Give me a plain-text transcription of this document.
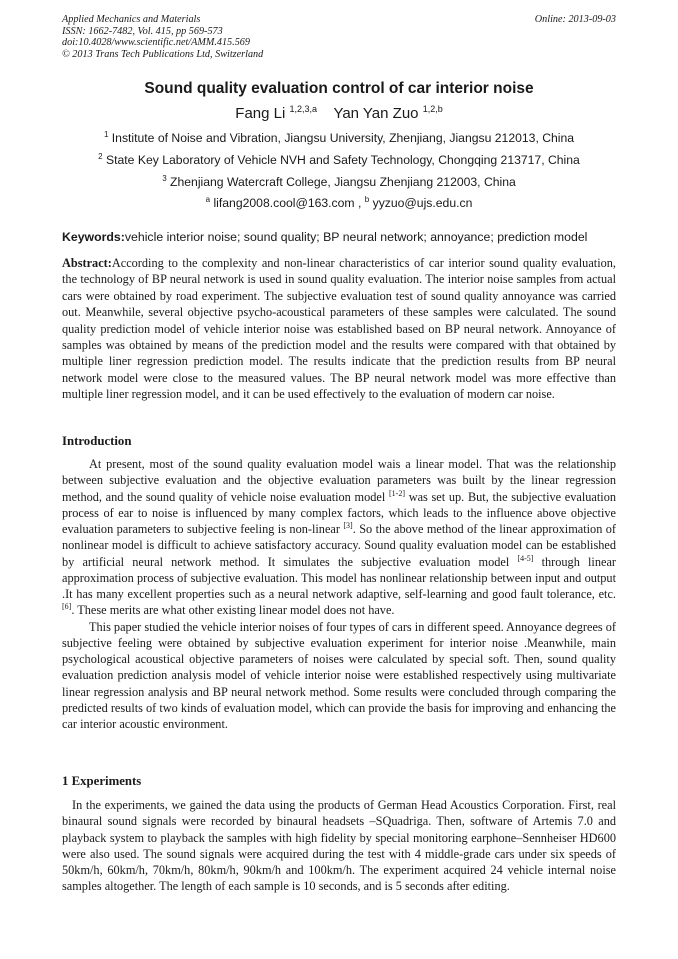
Applied Mechanics and Materials
ISSN: 1662-7482, Vol. 415, pp 569-573
doi:10.4028/www.scientific.net/AMM.415.569
© 2013 Trans Tech Publications Ltd, Switzerland
Online: 2013-09-03
Sound quality evaluation control of car interior noise
Fang Li $^{1,2,3,a}$ Yan Yan Zuo $^{1,2,b}$
$^1$ Institute of Noise and Vibration, Jiangsu University, Zhenjiang, Jiangsu 212013, China
$^2$ State Key Laboratory of Vehicle NVH and Safety Technology, Chongqing 213717, China
$^3$ Zhenjiang Watercraft College, Jiangsu Zhenjiang 212003, China
$^a$ lifang2008.cool@163.com , $^b$ yyzuo@ujs.edu.cn
Keywords:vehicle interior noise; sound quality; BP neural network; annoyance; prediction model

Abstract:According to the complexity and non-linear characteristics of car interior sound quality evaluation, the technology of BP neural network is used in sound quality evaluation. The interior noise samples from actual cars were obtained by road experiment. The subjective evaluation test of sound quality annoyance was carried out. Meanwhile, several objective psycho-acoustical parameters of these samples were calculated. The sound quality prediction model of vehicle interior noise was established based on BP neural network. Annoyance of samples was obtained by means of the prediction model and the results were compared with that obtained by multiple liner regression prediction model. The results indicate that the prediction results from BP neural network model were close to the measured values. The BP neural network model was more effective than multiple liner regression model, and it can be used effectively to the evaluation of modern car noise.

Introduction

At present, most of the sound quality evaluation model wais a linear model. That was the relationship between subjective evaluation and the objective evaluation parameters was built by the linear regression method, and the sound quality of vehicle noise evaluation model [1-2] was set up. But, the subjective evaluation process of ear to noise is influenced by many complex factors, which leads to the influence above objective evaluation parameters to subjective feeling is non-linear [3]. So the above method of the linear approximation of nonlinear model is difficult to achieve satisfactory accuracy. Sound quality evaluation model can be established by artificial neural network method. It simulates the subjective evaluation model [4-5] through linear approximation process of subjective evaluation. This model has nonlinear relationship between input and output .It has many excellent properties such as a neural network adaptive, self-learning and good fault tolerance, etc.[6]. These merits are what other existing linear model does not have.

This paper studied the vehicle interior noises of four types of cars in different speed. Annoyance degrees of subjective feeling were obtained by subjective evaluation experiment for interior noise .Meanwhile, main psychological acoustical objective parameters of noises were calculated by special soft. Then, sound quality evaluation prediction analysis model of vehicle interior noise were established respectively using multivariate linear regression analysis and BP neural network method. Some results were concluded through comparing the predicted results of two kinds of evaluation model, which can provide the basis for improving and enhancing the car interior acoustic environment.

1 Experiments

In the experiments, we gained the data using the products of German Head Acoustics Corporation. First, real binaural sound signals were recorded by binaural headsets –SQuadriga. Then, software of Artemis 7.0 and playback system to playback the samples with high fidelity by special monitoring earphone–Sennheiser HD600 were also used. The sound signals were acquired during the test with 4 middle-grade cars under six speeds of 50km/h, 60km/h, 70km/h, 80km/h, 90km/h and 100km/h. The experiment acquired 24 vehicle internal noise samples altogether. The length of each sample is 10 seconds, and is 5 seconds after editing.
